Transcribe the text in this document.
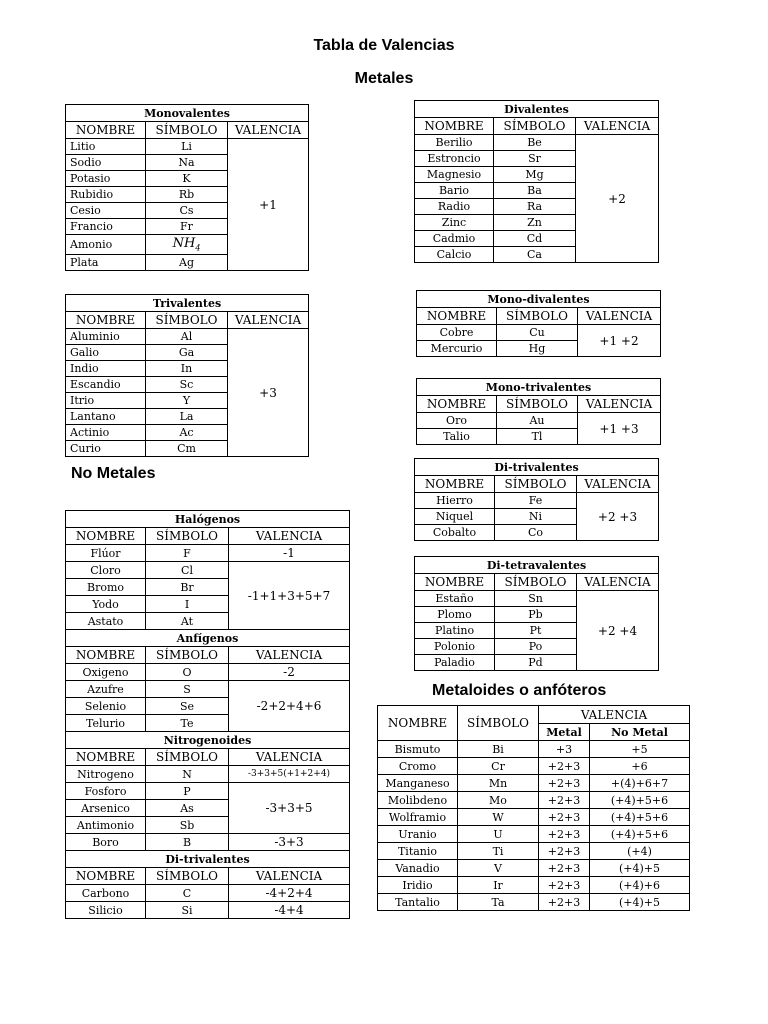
Tabla de Valencias
Metales
No Metales
Metaloides o anfóteros
Monovalentes		
NOMBRE	SÍMBOLO	VALENCIA
Litio	Li	+1
Sodio	Na	
Potasio	K	
Rubidio	Rb	
Cesio	Cs	
Francio	Fr	
Amonio	$NH_4$
Plata	Ag	
Divalentes		
NOMBRE	SÍMBOLO	VALENCIA
Berilio	Be	+2
Estroncio	Sr	
Magnesio	Mg	
Bario	Ba	
Radio	Ra	
Zinc	Zn	
Cadmio	Cd	
Calcio	Ca	
Trivalentes		
NOMBRE	SÍMBOLO	VALENCIA
Aluminio	Al	+3
Galio	Ga	
Indio	In	
Escandio	Sc	
Itrio	Y	
Lantano	La	
Actinio	Ac	
Curio	Cm	
Mono-divalentes		
NOMBRE	SÍMBOLO	VALENCIA
Cobre	Cu	+1 +2
Mercurio	Hg	
Mono-trivalentes		
NOMBRE	SÍMBOLO	VALENCIA
Oro	Au	+1 +3
Talio	Tl	
Di-trivalentes		
NOMBRE	SÍMBOLO	VALENCIA
Hierro	Fe	+2 +3
Niquel	Ni	
Cobalto	Co	
Di-tetravalentes		
NOMBRE	SÍMBOLO	VALENCIA
Estaño	Sn	+2 +4
Plomo	Pb	
Platino	Pt	
Polonio	Po	
Paladio	Pd	
Halógenos		
NOMBRE	SÍMBOLO	VALENCIA
Flúor	F	-1
Cloro	Cl	-1+1+3+5+7
Bromo	Br	
Yodo	I	
Astato	At	
Anfígenos		
NOMBRE	SÍMBOLO	VALENCIA
Oxigeno	O	-2
Azufre	S	-2+2+4+6
Selenio	Se	
Telurio	Te	
Nitrogenoides		
NOMBRE	SÍMBOLO	VALENCIA
Nitrogeno	N	-3+3+5(+1+2+4)
Fosforo	P	-3+3+5
Arsenico	As	
Antimonio	Sb	
Boro	B	-3+3
Di-trivalentes		
NOMBRE	SÍMBOLO	VALENCIA
Carbono	C	-4+2+4
Silicio	Si	-4+4
NOMBRE	SÍMBOLO	VALENCIA	
		Metal	No Metal
Bismuto	Bi	+3	+5
Cromo	Cr	+2+3	+6
Manganeso	Mn	+2+3	+(4)+6+7
Molibdeno	Mo	+2+3	(+4)+5+6
Wolframio	W	+2+3	(+4)+5+6
Uranio	U	+2+3	(+4)+5+6
Titanio	Ti	+2+3	(+4)
Vanadio	V	+2+3	(+4)+5
Iridio	Ir	+2+3	(+4)+6
Tantalio	Ta	+2+3	(+4)+5
